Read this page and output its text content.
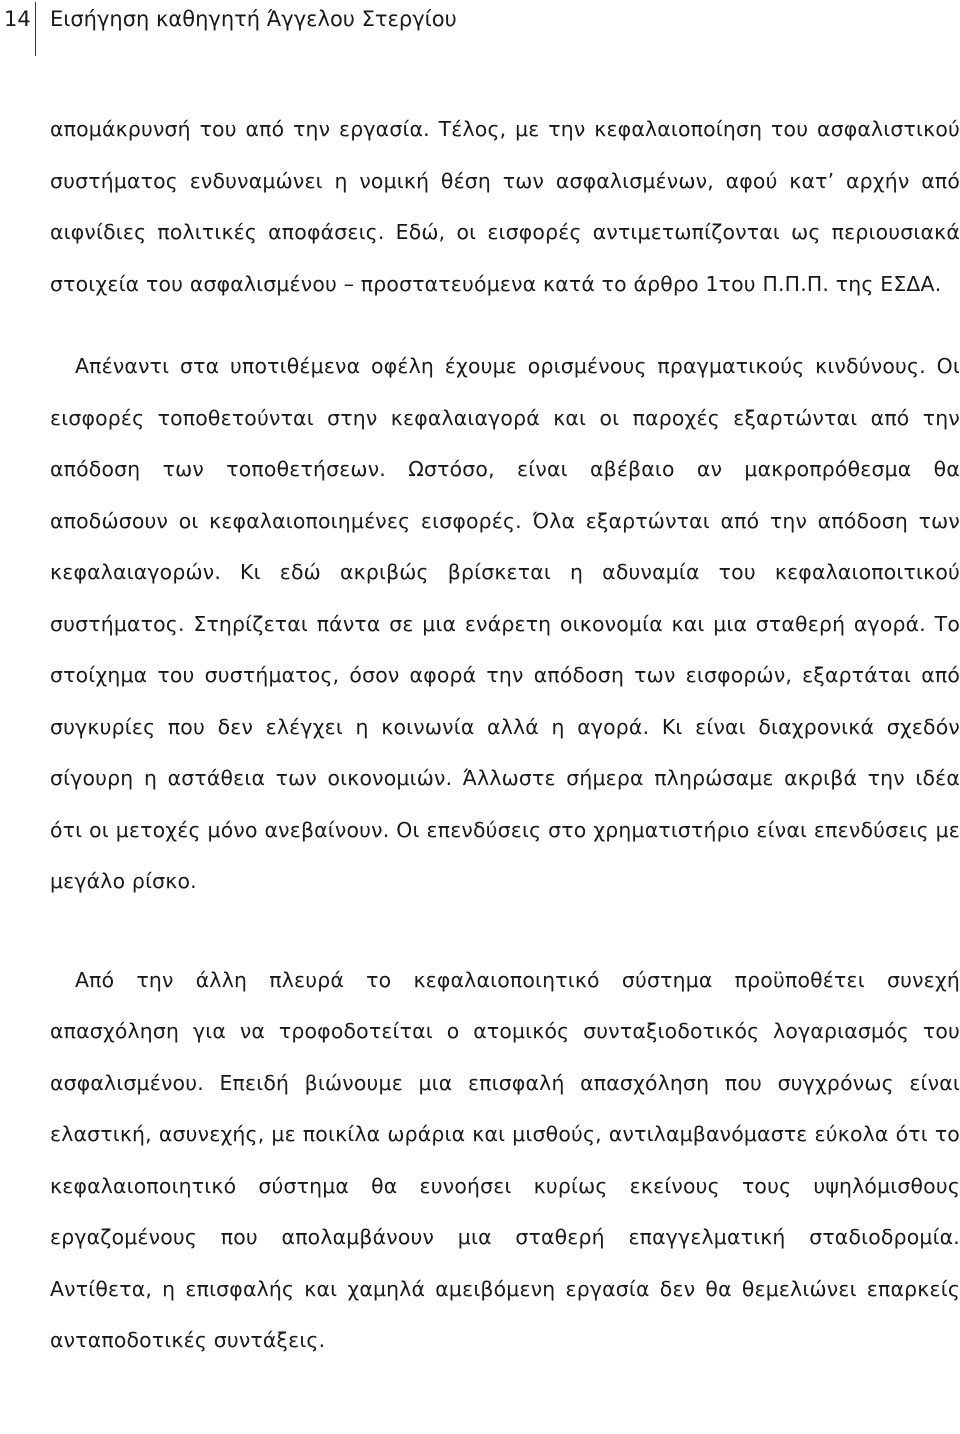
14 Εισήγηση καθηγητή Άγγελου Στεργίου

απομάκρυνσή του από την εργασία. Τέλος, με την κεφαλαιοποίηση του ασφαλιστικού συστήματος ενδυναμώνει η νομική θέση των ασφαλισμένων, αφού κατ’ αρχήν από αιφνίδιες πολιτικές αποφάσεις. Εδώ, οι εισφορές αντιμετωπίζονται ως περιουσιακά στοιχεία του ασφαλισμένου – προστατευόμενα κατά το άρθρο 1του Π.Π.Π. της ΕΣΔΑ.

Απέναντι στα υποτιθέμενα οφέλη έχουμε ορισμένους πραγματικούς κινδύνους. Οι εισφορές τοποθετούνται στην κεφαλαιαγορά και οι παροχές εξαρτώνται από την απόδοση των τοποθετήσεων. Ωστόσο, είναι αβέβαιο αν μακροπρόθεσμα θα αποδώσουν οι κεφαλαιοποιημένες εισφορές. Όλα εξαρτώνται από την απόδοση των κεφαλαιαγορών. Κι εδώ ακριβώς βρίσκεται η αδυναμία του κεφαλαιοποιτικού συστήματος. Στηρίζεται πάντα σε μια ενάρετη οικονομία και μια σταθερή αγορά. Το στοίχημα του συστήματος, όσον αφορά την απόδοση των εισφορών, εξαρτάται από συγκυρίες που δεν ελέγχει η κοινωνία αλλά η αγορά. Κι είναι διαχρονικά σχεδόν σίγουρη η αστάθεια των οικονομιών. Άλλωστε σήμερα πληρώσαμε ακριβά την ιδέα ότι οι μετοχές μόνο ανεβαίνουν. Οι επενδύσεις στο χρηματιστήριο είναι επενδύσεις με μεγάλο ρίσκο.

Από την άλλη πλευρά το κεφαλαιοποιητικό σύστημα προϋποθέτει συνεχή απασχόληση για να τροφοδοτείται ο ατομικός συνταξιοδοτικός λογαριασμός του ασφαλισμένου. Επειδή βιώνουμε μια επισφαλή απασχόληση που συγχρόνως είναι ελαστική, ασυνεχής, με ποικίλα ωράρια και μισθούς, αντιλαμβανόμαστε εύκολα ότι το κεφαλαιοποιητικό σύστημα θα ευνοήσει κυρίως εκείνους τους υψηλόμισθους εργαζομένους που απολαμβάνουν μια σταθερή επαγγελματική σταδιοδρομία. Αντίθετα, η επισφαλής και χαμηλά αμειβόμενη εργασία δεν θα θεμελιώνει επαρκείς ανταποδοτικές συντάξεις.
